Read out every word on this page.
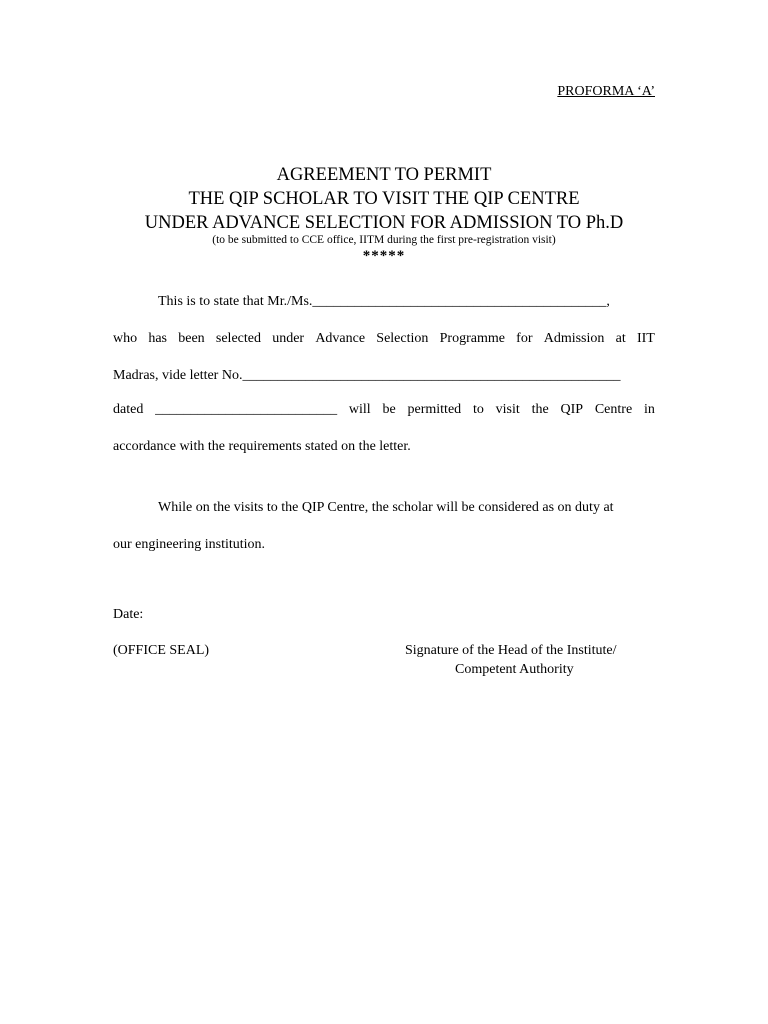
PROFORMA ‘A’
AGREEMENT TO PERMIT
THE QIP SCHOLAR TO VISIT THE QIP CENTRE
UNDER ADVANCE SELECTION FOR ADMISSION TO Ph.D
(to be submitted to CCE office, IITM during the first pre-registration visit)
*****
This is to state that Mr./Ms.__________________________________________,
who has been selected under Advance Selection Programme for Admission at IIT
Madras, vide letter No.______________________________________________________
dated __________________________ will be permitted to visit the QIP Centre in
accordance with the requirements stated on the letter.
While on the visits to the QIP Centre, the scholar will be considered as on duty at
our engineering institution.
Date:
(OFFICE SEAL)	Signature of the Head of the Institute/
Competent Authority
